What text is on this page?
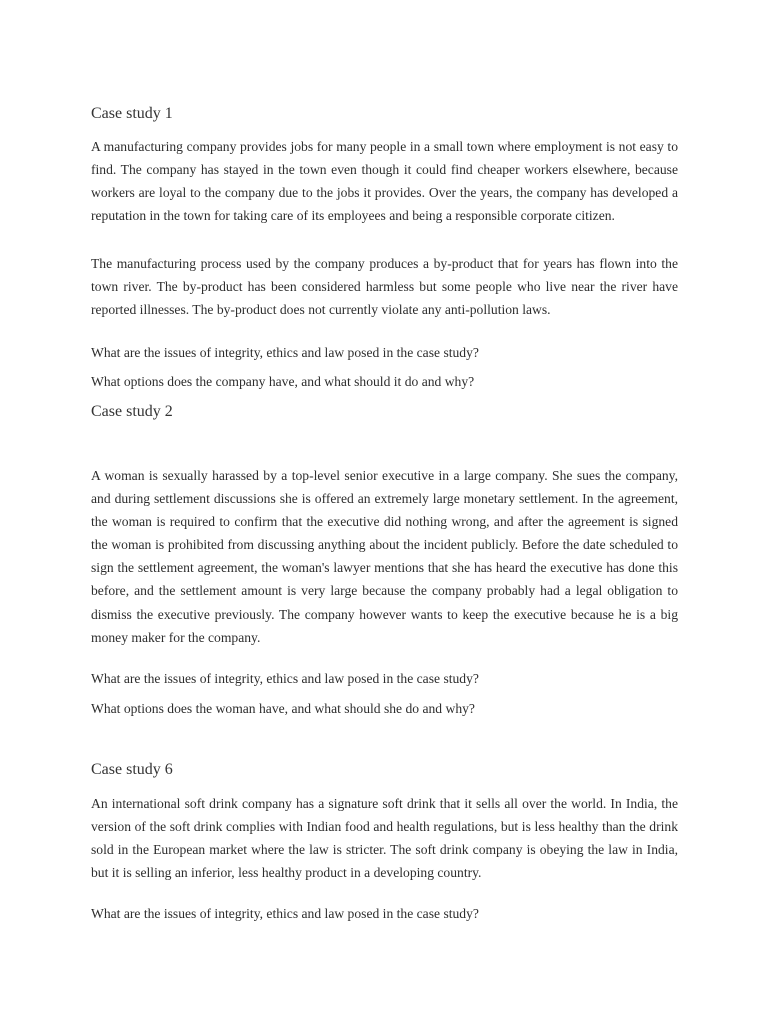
Case study 1
A manufacturing company provides jobs for many people in a small town where employment is not easy to find. The company has stayed in the town even though it could find cheaper workers elsewhere, because workers are loyal to the company due to the jobs it provides. Over the years, the company has developed a reputation in the town for taking care of its employees and being a responsible corporate citizen.
The manufacturing process used by the company produces a by-product that for years has flown into the town river. The by-product has been considered harmless but some people who live near the river have reported illnesses. The by-product does not currently violate any anti-pollution laws.
What are the issues of integrity, ethics and law posed in the case study?
What options does the company have, and what should it do and why?
Case study 2
A woman is sexually harassed by a top-level senior executive in a large company. She sues the company, and during settlement discussions she is offered an extremely large monetary settlement. In the agreement, the woman is required to confirm that the executive did nothing wrong, and after the agreement is signed the woman is prohibited from discussing anything about the incident publicly. Before the date scheduled to sign the settlement agreement, the woman's lawyer mentions that she has heard the executive has done this before, and the settlement amount is very large because the company probably had a legal obligation to dismiss the executive previously. The company however wants to keep the executive because he is a big money maker for the company.
What are the issues of integrity, ethics and law posed in the case study?
What options does the woman have, and what should she do and why?
Case study 6
An international soft drink company has a signature soft drink that it sells all over the world. In India, the version of the soft drink complies with Indian food and health regulations, but is less healthy than the drink sold in the European market where the law is stricter. The soft drink company is obeying the law in India, but it is selling an inferior, less healthy product in a developing country.
What are the issues of integrity, ethics and law posed in the case study?
